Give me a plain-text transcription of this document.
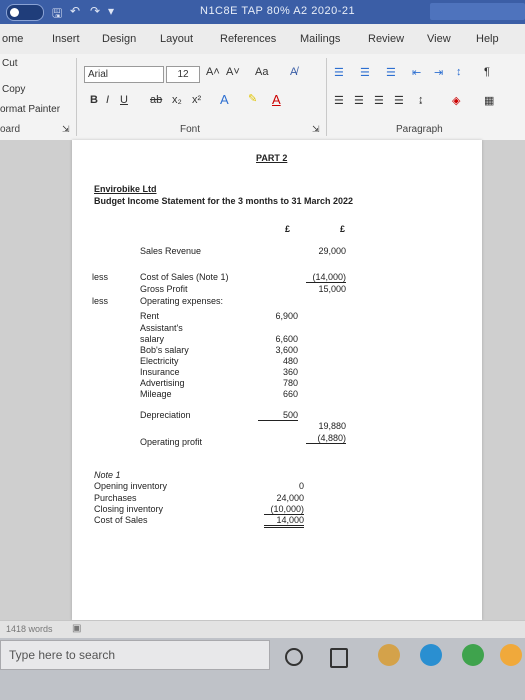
🖫 ↶ ↷ ▾	N1C8E TAP 80% A2 2020-21
ome	Insert Design Layout References Mailings	Review View Help
Cut
Copy
ormat Painter
oard	⇲
Arial	12	A˄ A˅ Aa A̸
B I U ab x₂ x² A ✎ A
Font	⇲
☰ ☰ ☰ ⇤ ⇥ ↕ ¶
☰ ☰ ☰ ☰ ↨	◈ ▦
Paragraph
PART 2
Envirobike Ltd
Budget Income Statement for the 3 months to 31 March 2022
£	£
Sales Revenue	29,000
less	Cost of Sales (Note 1)	(14,000)
Gross Profit	15,000
less	Operating expenses:
Rent	6,900
Assistant's
salary	6,600
Bob's salary	3,600
Electricity	480
Insurance	360
Advertising	780
Mileage	660
Depreciation	500
19,880
Operating profit	(4,880)
Note 1
Opening inventory	0
Purchases	24,000
Closing inventory	(10,000)
Cost of Sales	14,000
1418 words ▣
Type here to search
